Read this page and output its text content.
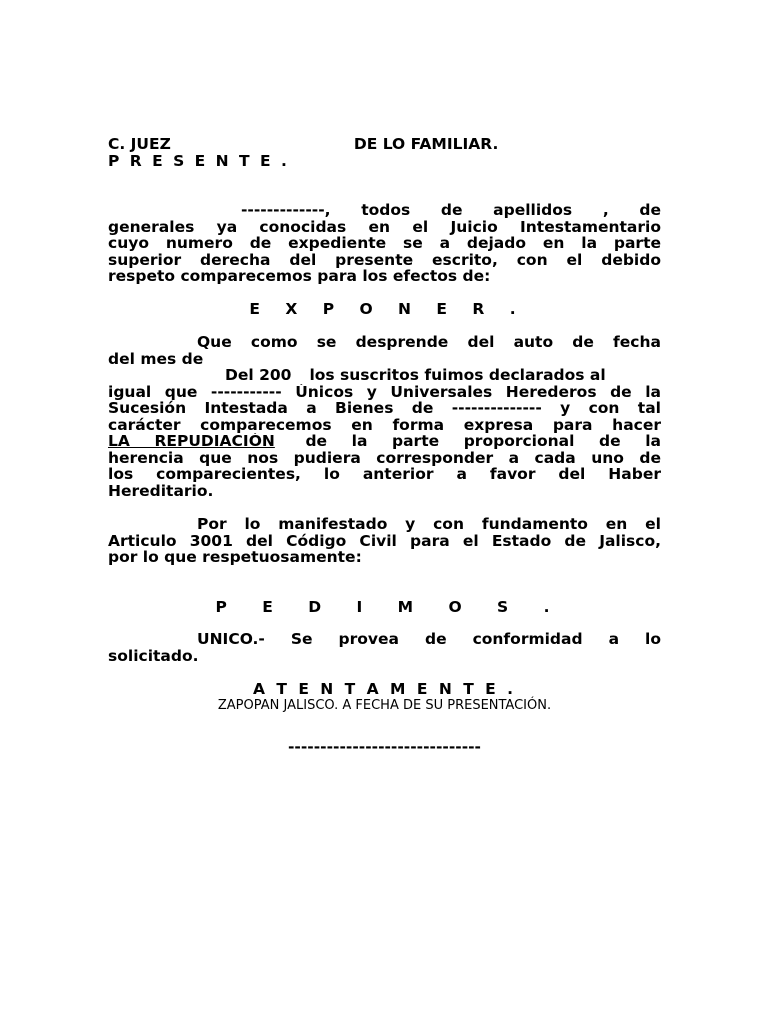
C. JUEZ	DE LO FAMILIAR.
P R E S E N T E .
-------------, todos de apellidos , de
generales ya conocidas en el Juicio Intestamentario
cuyo numero de expediente se a dejado en la parte
superior derecha del presente escrito, con el debido
respeto comparecemos para los efectos de:
E X P O N E R .
Que como se desprende del auto de fecha
del mes de
Del 200 los suscritos fuimos declarados al
igual que ----------- Únicos y Universales Herederos de la
Sucesión Intestada a Bienes de -------------- y con tal
carácter comparecemos en forma expresa para hacer
LA REPUDIACIÓN de la parte proporcional de la
herencia que nos pudiera corresponder a cada uno de
los comparecientes, lo anterior a favor del Haber
Hereditario.
Por lo manifestado y con fundamento en el
Articulo 3001 del Código Civil para el Estado de Jalisco,
por lo que respetuosamente:
P E D I M O S .
UNICO.- Se provea de conformidad a lo
solicitado.
A T E N T A M E N T E .
ZAPOPAN JALISCO. A FECHA DE SU PRESENTACIÓN.
------------------------------
